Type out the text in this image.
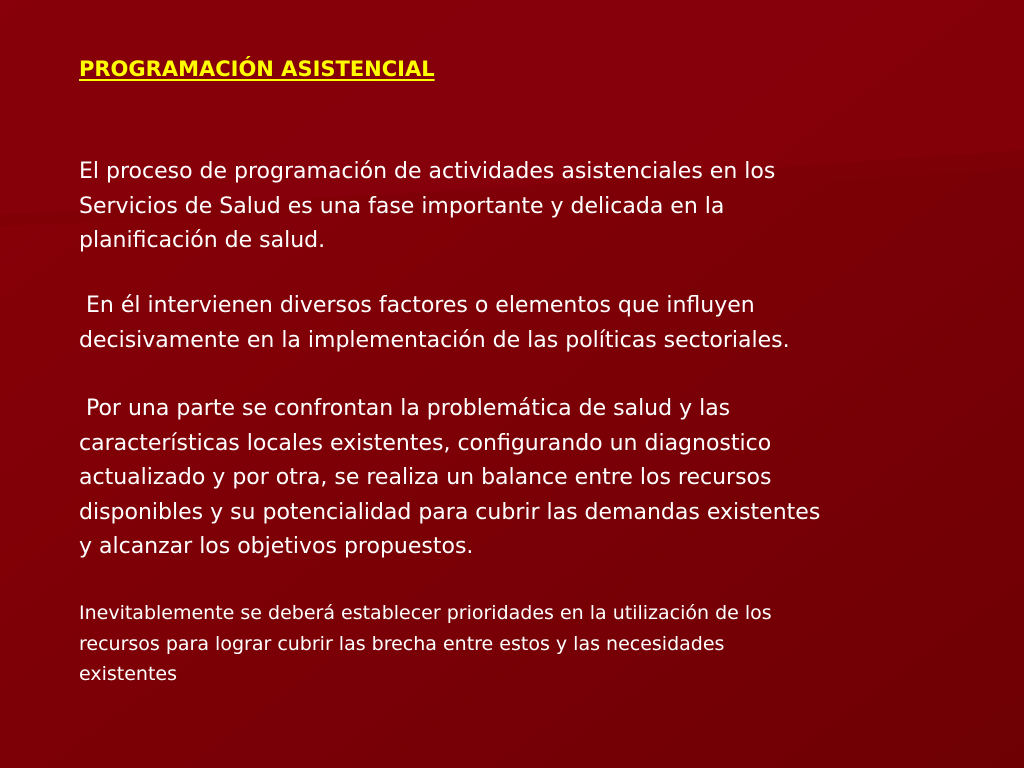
PROGRAMACIÓN ASISTENCIAL

El proceso de programación de actividades asistenciales en los
Servicios de Salud es una fase importante y delicada en la
planificación de salud.

En él intervienen diversos factores o elementos que influyen
decisivamente en la implementación de las políticas sectoriales.

Por una parte se confrontan la problemática de salud y las
características locales existentes, configurando un diagnostico
actualizado y por otra, se realiza un balance entre los recursos
disponibles y su potencialidad para cubrir las demandas existentes
y alcanzar los objetivos propuestos.

Inevitablemente se deberá establecer prioridades en la utilización de los
recursos para lograr cubrir las brecha entre estos y las necesidades
existentes
